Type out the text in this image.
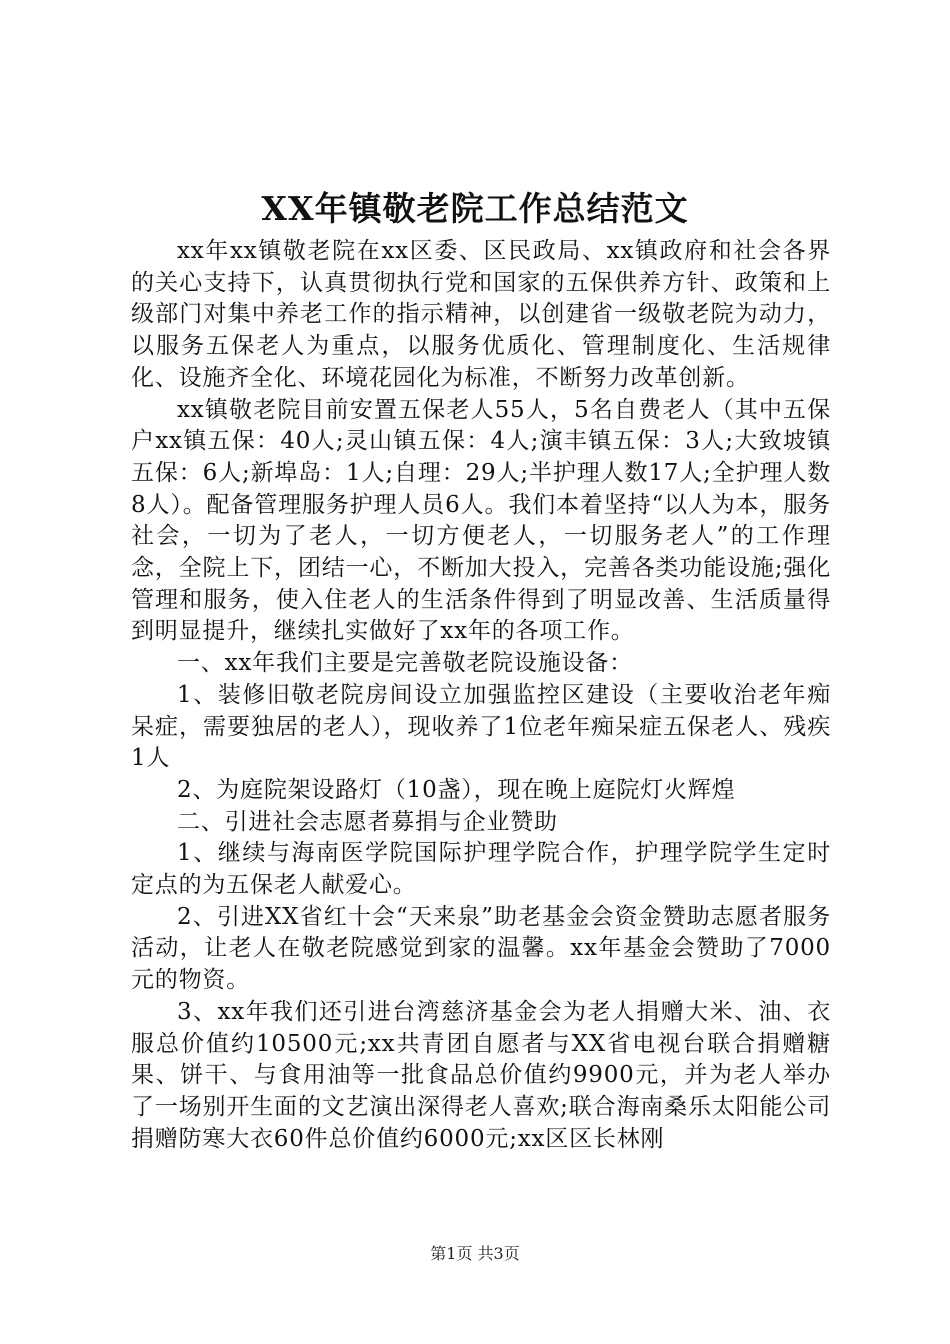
XX年镇敬老院工作总结范文

xx年xx镇敬老院在xx区委、区民政局、xx镇政府和社会各界的关心支持下，认真贯彻执行党和国家的五保供养方针、政策和上级部门对集中养老工作的指示精神，以创建省一级敬老院为动力，以服务五保老人为重点，以服务优质化、管理制度化、生活规律化、设施齐全化、环境花园化为标准，不断努力改革创新。

xx镇敬老院目前安置五保老人55人，5名自费老人（其中五保户xx镇五保：40人;灵山镇五保：4人;演丰镇五保：3人;大致坡镇五保：6人;新埠岛：1人;自理：29人;半护理人数17人;全护理人数8人）。配备管理服务护理人员6人。我们本着坚持“以人为本，服务社会，一切为了老人，一切方便老人，一切服务老人”的工作理念，全院上下，团结一心，不断加大投入，完善各类功能设施;强化管理和服务，使入住老人的生活条件得到了明显改善、生活质量得到明显提升，继续扎实做好了xx年的各项工作。

一、xx年我们主要是完善敬老院设施设备：

1、装修旧敬老院房间设立加强监控区建设（主要收治老年痴呆症，需要独居的老人），现收养了1位老年痴呆症五保老人、残疾1人

2、为庭院架设路灯（10盏），现在晚上庭院灯火辉煌

二、引进社会志愿者募捐与企业赞助

1、继续与海南医学院国际护理学院合作，护理学院学生定时定点的为五保老人献爱心。

2、引进XX省红十会“天来泉”助老基金会资金赞助志愿者服务活动，让老人在敬老院感觉到家的温馨。xx年基金会赞助了7000元的物资。

3、xx年我们还引进台湾慈济基金会为老人捐赠大米、油、衣服总价值约10500元;xx共青团自愿者与XX省电视台联合捐赠糖果、饼干、与食用油等一批食品总价值约9900元，并为老人举办了一场别开生面的文艺演出深得老人喜欢;联合海南桑乐太阳能公司捐赠防寒大衣60件总价值约6000元;xx区区长林刚

第1页 共3页
